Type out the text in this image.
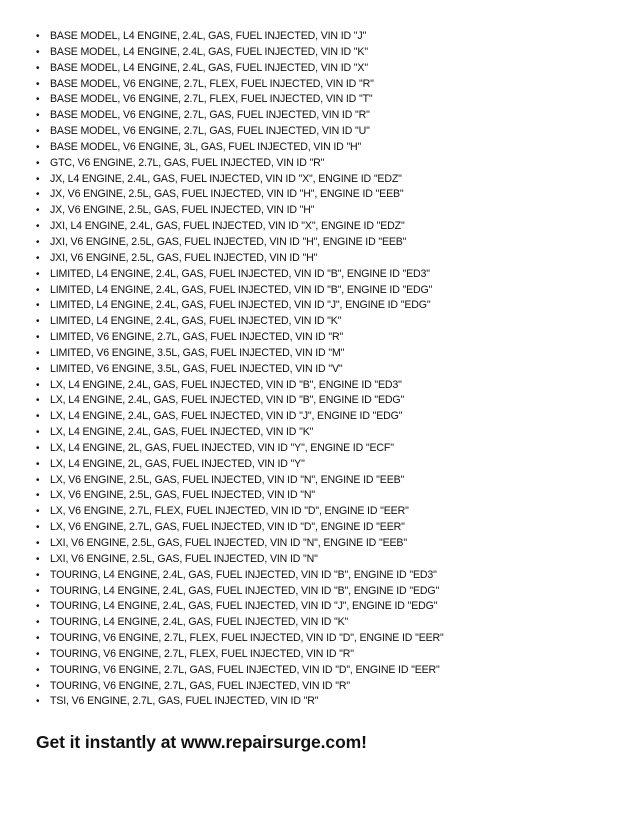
• BASE MODEL, L4 ENGINE, 2.4L, GAS, FUEL INJECTED, VIN ID "J"
• BASE MODEL, L4 ENGINE, 2.4L, GAS, FUEL INJECTED, VIN ID "K"
• BASE MODEL, L4 ENGINE, 2.4L, GAS, FUEL INJECTED, VIN ID "X"
• BASE MODEL, V6 ENGINE, 2.7L, FLEX, FUEL INJECTED, VIN ID "R"
• BASE MODEL, V6 ENGINE, 2.7L, FLEX, FUEL INJECTED, VIN ID "T"
• BASE MODEL, V6 ENGINE, 2.7L, GAS, FUEL INJECTED, VIN ID "R"
• BASE MODEL, V6 ENGINE, 2.7L, GAS, FUEL INJECTED, VIN ID "U"
• BASE MODEL, V6 ENGINE, 3L, GAS, FUEL INJECTED, VIN ID "H"
• GTC, V6 ENGINE, 2.7L, GAS, FUEL INJECTED, VIN ID "R"
• JX, L4 ENGINE, 2.4L, GAS, FUEL INJECTED, VIN ID "X", ENGINE ID "EDZ"
• JX, V6 ENGINE, 2.5L, GAS, FUEL INJECTED, VIN ID "H", ENGINE ID "EEB"
• JX, V6 ENGINE, 2.5L, GAS, FUEL INJECTED, VIN ID "H"
• JXI, L4 ENGINE, 2.4L, GAS, FUEL INJECTED, VIN ID "X", ENGINE ID "EDZ"
• JXI, V6 ENGINE, 2.5L, GAS, FUEL INJECTED, VIN ID "H", ENGINE ID "EEB"
• JXI, V6 ENGINE, 2.5L, GAS, FUEL INJECTED, VIN ID "H"
• LIMITED, L4 ENGINE, 2.4L, GAS, FUEL INJECTED, VIN ID "B", ENGINE ID "ED3"
• LIMITED, L4 ENGINE, 2.4L, GAS, FUEL INJECTED, VIN ID "B", ENGINE ID "EDG"
• LIMITED, L4 ENGINE, 2.4L, GAS, FUEL INJECTED, VIN ID "J", ENGINE ID "EDG"
• LIMITED, L4 ENGINE, 2.4L, GAS, FUEL INJECTED, VIN ID "K"
• LIMITED, V6 ENGINE, 2.7L, GAS, FUEL INJECTED, VIN ID "R"
• LIMITED, V6 ENGINE, 3.5L, GAS, FUEL INJECTED, VIN ID "M"
• LIMITED, V6 ENGINE, 3.5L, GAS, FUEL INJECTED, VIN ID "V"
• LX, L4 ENGINE, 2.4L, GAS, FUEL INJECTED, VIN ID "B", ENGINE ID "ED3"
• LX, L4 ENGINE, 2.4L, GAS, FUEL INJECTED, VIN ID "B", ENGINE ID "EDG"
• LX, L4 ENGINE, 2.4L, GAS, FUEL INJECTED, VIN ID "J", ENGINE ID "EDG"
• LX, L4 ENGINE, 2.4L, GAS, FUEL INJECTED, VIN ID "K"
• LX, L4 ENGINE, 2L, GAS, FUEL INJECTED, VIN ID "Y", ENGINE ID "ECF"
• LX, L4 ENGINE, 2L, GAS, FUEL INJECTED, VIN ID "Y"
• LX, V6 ENGINE, 2.5L, GAS, FUEL INJECTED, VIN ID "N", ENGINE ID "EEB"
• LX, V6 ENGINE, 2.5L, GAS, FUEL INJECTED, VIN ID "N"
• LX, V6 ENGINE, 2.7L, FLEX, FUEL INJECTED, VIN ID "D", ENGINE ID "EER"
• LX, V6 ENGINE, 2.7L, GAS, FUEL INJECTED, VIN ID "D", ENGINE ID "EER"
• LXI, V6 ENGINE, 2.5L, GAS, FUEL INJECTED, VIN ID "N", ENGINE ID "EEB"
• LXI, V6 ENGINE, 2.5L, GAS, FUEL INJECTED, VIN ID "N"
• TOURING, L4 ENGINE, 2.4L, GAS, FUEL INJECTED, VIN ID "B", ENGINE ID "ED3"
• TOURING, L4 ENGINE, 2.4L, GAS, FUEL INJECTED, VIN ID "B", ENGINE ID "EDG"
• TOURING, L4 ENGINE, 2.4L, GAS, FUEL INJECTED, VIN ID "J", ENGINE ID "EDG"
• TOURING, L4 ENGINE, 2.4L, GAS, FUEL INJECTED, VIN ID "K"
• TOURING, V6 ENGINE, 2.7L, FLEX, FUEL INJECTED, VIN ID "D", ENGINE ID "EER"
• TOURING, V6 ENGINE, 2.7L, FLEX, FUEL INJECTED, VIN ID "R"
• TOURING, V6 ENGINE, 2.7L, GAS, FUEL INJECTED, VIN ID "D", ENGINE ID "EER"
• TOURING, V6 ENGINE, 2.7L, GAS, FUEL INJECTED, VIN ID "R"
• TSI, V6 ENGINE, 2.7L, GAS, FUEL INJECTED, VIN ID "R"
Get it instantly at www.repairsurge.com!
